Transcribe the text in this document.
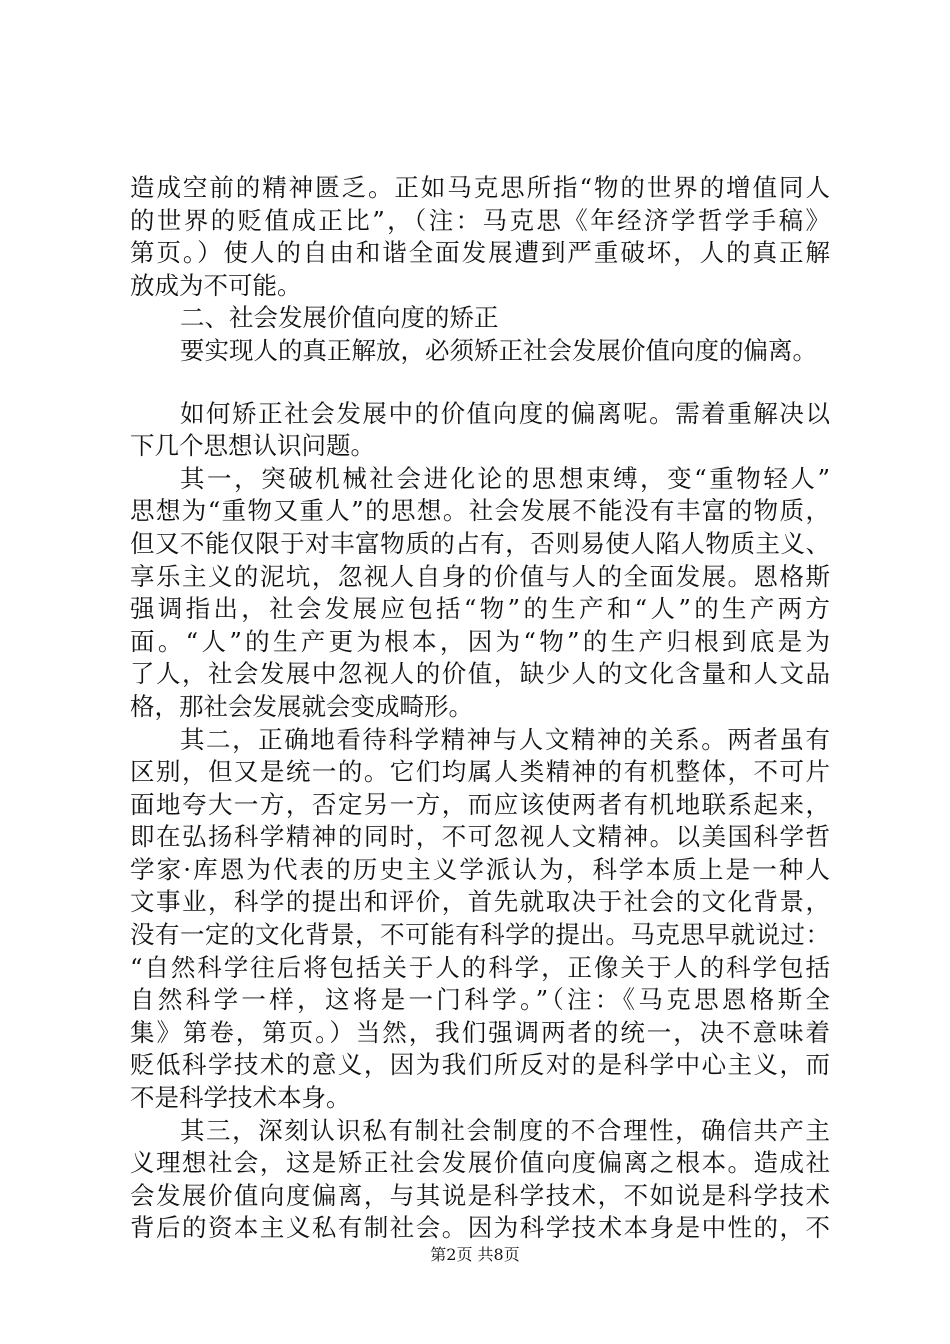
造成空前的精神匮乏。正如马克思所指“物的世界的增值同人
的世界的贬值成正比”，（注：马克思《年经济学哲学手稿》
第页。）使人的自由和谐全面发展遭到严重破坏，人的真正解
放成为不可能。
二、社会发展价值向度的矫正
要实现人的真正解放，必须矫正社会发展价值向度的偏离。
如何矫正社会发展中的价值向度的偏离呢。需着重解决以
下几个思想认识问题。
其一，突破机械社会进化论的思想束缚，变“重物轻人”
思想为“重物又重人”的思想。社会发展不能没有丰富的物质，
但又不能仅限于对丰富物质的占有，否则易使人陷人物质主义、
享乐主义的泥坑，忽视人自身的价值与人的全面发展。恩格斯
强调指出，社会发展应包括“物”的生产和“人”的生产两方
面。“人”的生产更为根本，因为“物”的生产归根到底是为
了人，社会发展中忽视人的价值，缺少人的文化含量和人文品
格，那社会发展就会变成畸形。
其二，正确地看待科学精神与人文精神的关系。两者虽有
区别，但又是统一的。它们均属人类精神的有机整体，不可片
面地夸大一方，否定另一方，而应该使两者有机地联系起来，
即在弘扬科学精神的同时，不可忽视人文精神。以美国科学哲
学家·库恩为代表的历史主义学派认为，科学本质上是一种人
文事业，科学的提出和评价，首先就取决于社会的文化背景，
没有一定的文化背景，不可能有科学的提出。马克思早就说过：
“自然科学往后将包括关于人的科学，正像关于人的科学包括
自然科学一样，这将是一门科学。”（注：《马克思恩格斯全
集》第卷，第页。）当然，我们强调两者的统一，决不意味着
贬低科学技术的意义，因为我们所反对的是科学中心主义，而
不是科学技术本身。
其三，深刻认识私有制社会制度的不合理性，确信共产主
义理想社会，这是矫正社会发展价值向度偏离之根本。造成社
会发展价值向度偏离，与其说是科学技术，不如说是科学技术
背后的资本主义私有制社会。因为科学技术本身是中性的，不
第2页 共8页
